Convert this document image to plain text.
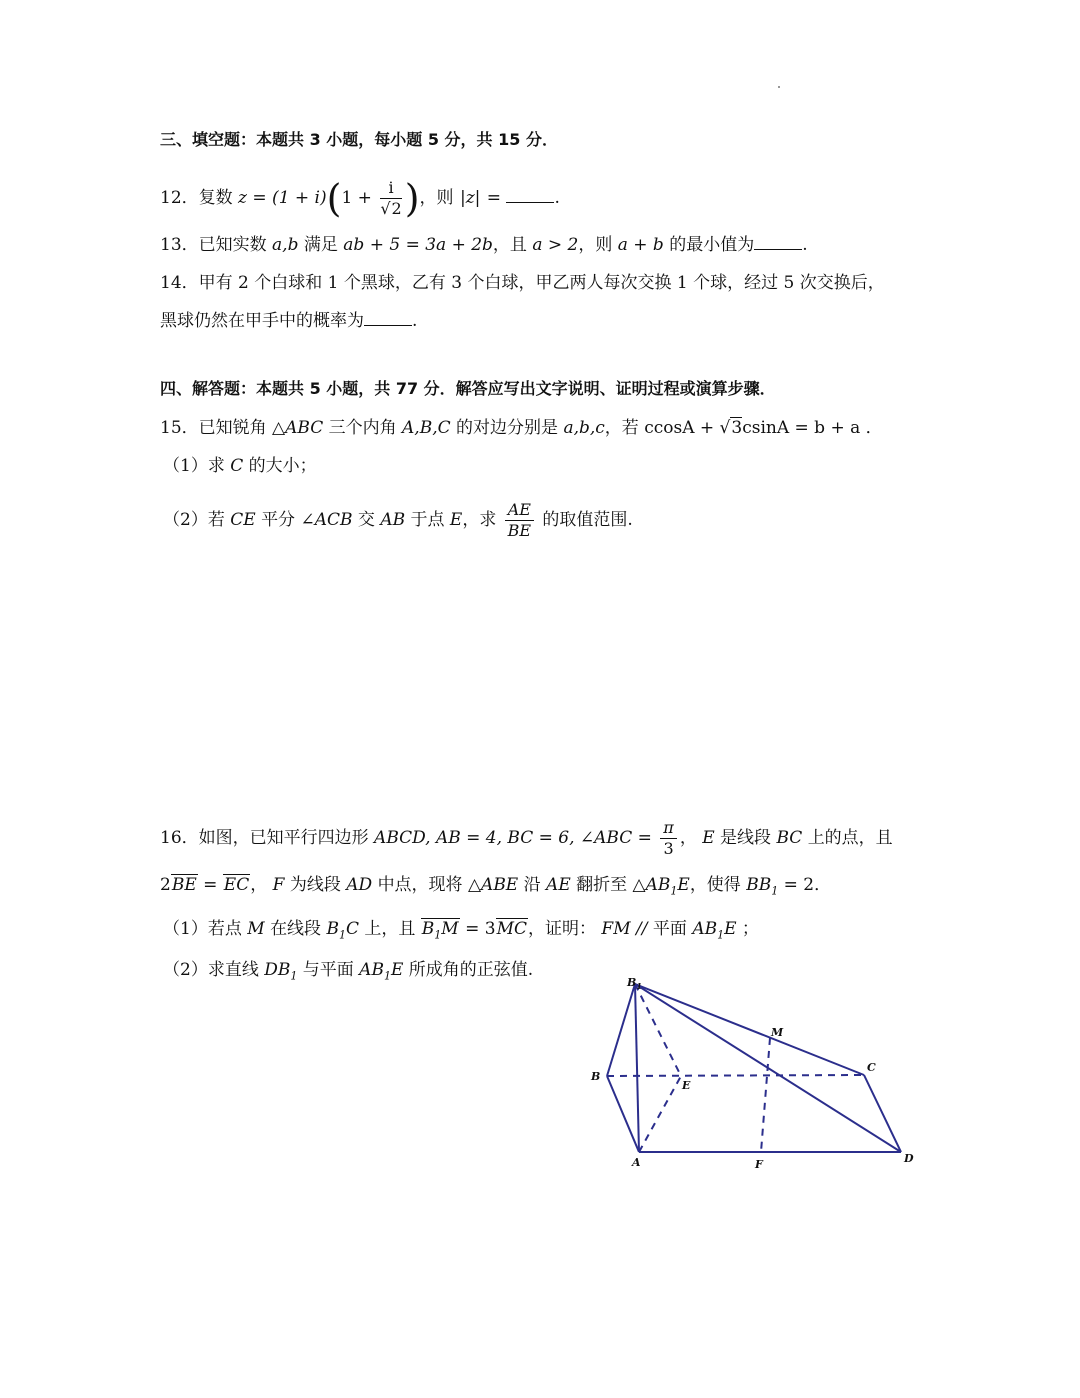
三、填空题：本题共 3 小题，每小题 5 分，共 15 分．
12．复数 $z = (1 + i)(1 + \frac{i}{√2}$ )，则 |z| =	.
13．已知实数 a,b 满足 ab + 5 = 3a + 2b，且 a > 2，则 a + b 的最小值为	.
14．甲有 2 个白球和 1 个黑球，乙有 3 个白球，甲乙两人每次交换 1 个球，经过 5 次交换后，
黑球仍然在甲手中的概率为	.
四、解答题：本题共 5 小题，共 77 分．解答应写出文字说明、证明过程或演算步骤．
15．已知锐角 △ABC 三个内角 A,B,C 的对边分别是 a,b,c，若 ccosA + √3csinA = b + a ．
（1）求 C 的大小；
（2）若 CE 平分 ∠ACB 交 AB 于点 E，求 $\frac{AE}{BE}$ 的取值范围.
16．如图，已知平行四边形 ABCD, AB = 4, BC = 6, ∠ABC = $\frac{\pi}{3}$ ， E 是线段 BC 上的点，且
2BE = EC， F 为线段 AD 中点，现将 △ABE 沿 AE 翻折至 $\triangle AB_1E$，使得 $BB_1 = 2$．
（1）若点 M 在线段 $B_1C$ 上，且 $B_1M = 3MC$，证明： FM // 平面 $AB_1E$ ；
（2）求直线 $DB_1$ 与平面 $AB_1E$ 所成角的正弦值.
$B_1$
B
E
M
C
A	F	D
